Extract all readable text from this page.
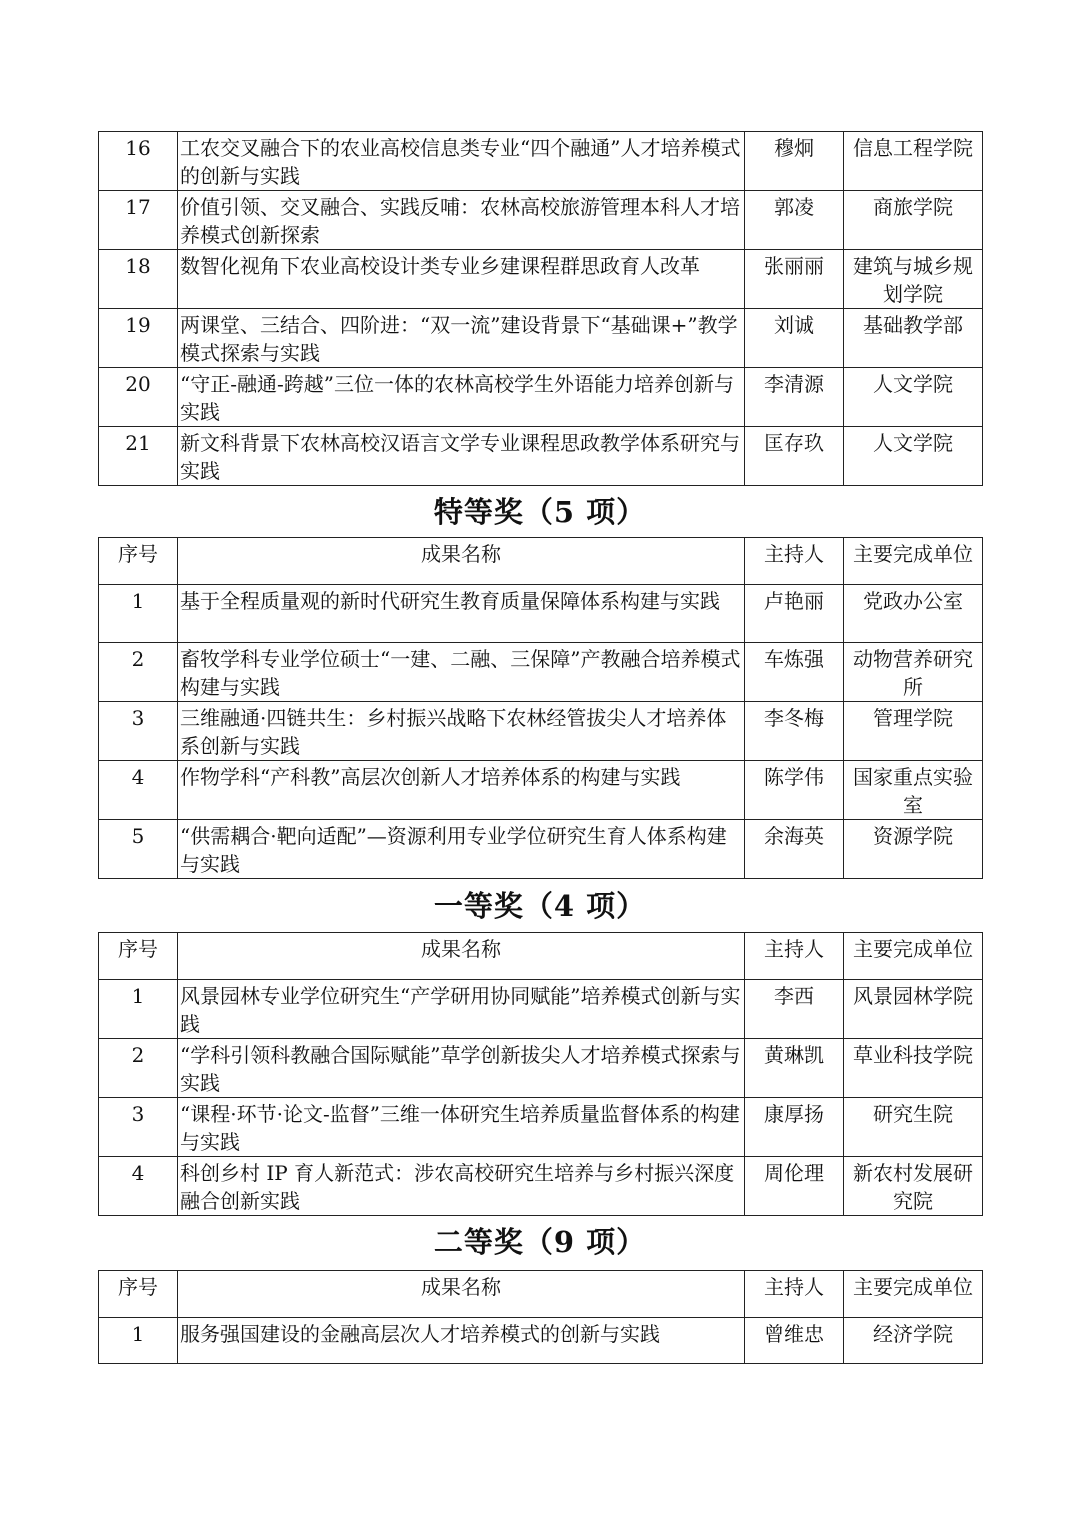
16	工农交叉融合下的农业高校信息类专业“四个融通”人才培养模式的创新与实践	穆炯	信息工程学院
17	价值引领、交叉融合、实践反哺：农林高校旅游管理本科人才培养模式创新探索	郭凌	商旅学院
18	数智化视角下农业高校设计类专业乡建课程群思政育人改革	张丽丽	建筑与城乡规划学院
19	两课堂、三结合、四阶进：“双一流”建设背景下“基础课+”教学模式探索与实践	刘诚	基础教学部
20	“守正-融通-跨越”三位一体的农林高校学生外语能力培养创新与实践	李清源	人文学院
21	新文科背景下农林高校汉语言文学专业课程思政教学体系研究与实践	匡存玖	人文学院
特等奖（5 项）
序号	成果名称	主持人	主要完成单位
1	基于全程质量观的新时代研究生教育质量保障体系构建与实践	卢艳丽	党政办公室
2	畜牧学科专业学位硕士“一建、二融、三保障”产教融合培养模式构建与实践	车炼强	动物营养研究所
3	三维融通·四链共生：乡村振兴战略下农林经管拔尖人才培养体系创新与实践	李冬梅	管理学院
4	作物学科“产科教”高层次创新人才培养体系的构建与实践	陈学伟	国家重点实验室
5	“供需耦合·靶向适配”—资源利用专业学位研究生育人体系构建与实践	余海英	资源学院
一等奖（4 项）
序号	成果名称	主持人	主要完成单位
1	风景园林专业学位研究生“产学研用协同赋能”培养模式创新与实践	李西	风景园林学院
2	“学科引领科教融合国际赋能”草学创新拔尖人才培养模式探索与实践	黄琳凯	草业科技学院
3	“课程·环节·论文-监督”三维一体研究生培养质量监督体系的构建与实践	康厚扬	研究生院
4	科创乡村 IP 育人新范式：涉农高校研究生培养与乡村振兴深度融合创新实践	周伦理	新农村发展研究院
二等奖（9 项）
序号	成果名称	主持人	主要完成单位
1	服务强国建设的金融高层次人才培养模式的创新与实践	曾维忠	经济学院
